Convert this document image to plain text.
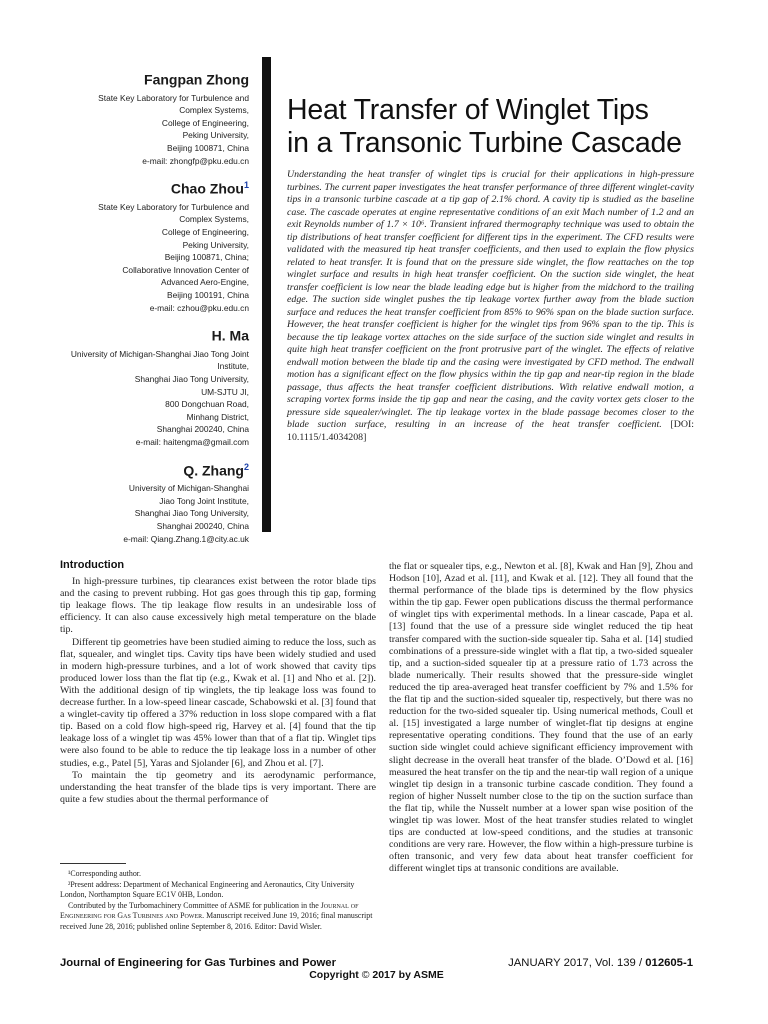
Fangpan Zhong
State Key Laboratory for Turbulence and
Complex Systems,
College of Engineering,
Peking University,
Beijing 100871, China
e-mail: zhongfp@pku.edu.cn
Chao Zhou$^1$
State Key Laboratory for Turbulence and
Complex Systems,
College of Engineering,
Peking University,
Beijing 100871, China;
Collaborative Innovation Center of
Advanced Aero-Engine,
Beijing 100191, China
e-mail: czhou@pku.edu.cn
H. Ma
University of Michigan-Shanghai Jiao Tong Joint
Institute,
Shanghai Jiao Tong University,
UM-SJTU JI,
800 Dongchuan Road,
Minhang District,
Shanghai 200240, China
e-mail: haitengma@gmail.com
Q. Zhang$^2$
University of Michigan-Shanghai
Jiao Tong Joint Institute,
Shanghai Jiao Tong University,
Shanghai 200240, China
e-mail: Qiang.Zhang.1@city.ac.uk
Heat Transfer of Winglet Tips
in a Transonic Turbine Cascade

Understanding the heat transfer of winglet tips is crucial for their applications in high-pressure turbines. The current paper investigates the heat transfer performance of three different winglet-cavity tips in a transonic turbine cascade at a tip gap of 2.1% chord. A cavity tip is studied as the baseline case. The cascade operates at engine representative conditions of an exit Mach number of 1.2 and an exit Reynolds number of 1.7 × 10⁶. Transient infrared thermography technique was used to obtain the tip distributions of heat transfer coefficient for different tips in the experiment. The CFD results were validated with the measured tip heat transfer coefficients, and then used to explain the flow physics related to heat transfer. It is found that on the pressure side winglet, the flow reattaches on the top winglet surface and results in high heat transfer coefficient. On the suction side winglet, the heat transfer coefficient is low near the blade leading edge but is higher from the midchord to the trailing edge. The suction side winglet pushes the tip leakage vortex further away from the blade suction surface and reduces the heat transfer coefficient from 85% to 96% span on the blade suction surface. However, the heat transfer coefficient is higher for the winglet tips from 96% span to the tip. This is because the tip leakage vortex attaches on the side surface of the suction side winglet and results in quite high heat transfer coefficient on the front protrusive part of the winglet. The effects of relative endwall motion between the blade tip and the casing were investigated by CFD method. The endwall motion has a significant effect on the flow physics within the tip gap and near-tip region in the blade passage, thus affects the heat transfer coefficient distributions. With relative endwall motion, a scraping vortex forms inside the tip gap and near the casing, and the cavity vortex gets closer to the pressure side squealer/winglet. The tip leakage vortex in the blade passage becomes closer to the blade suction surface, resulting in an increase of the heat transfer coefficient. [DOI: 10.1115/1.4034208]

Introduction

In high-pressure turbines, tip clearances exist between the rotor blade tips and the casing to prevent rubbing. Hot gas goes through this tip gap, forming tip leakage flows. The tip leakage flow results in an undesirable loss of efficiency. It can also cause excessively high metal temperature on the blade tip.

Different tip geometries have been studied aiming to reduce the loss, such as flat, squealer, and winglet tips. Cavity tips have been widely studied and used in modern high-pressure turbines, and a lot of work showed that cavity tips produced lower loss than the flat tip (e.g., Kwak et al. [1] and Nho et al. [2]). With the additional design of tip winglets, the tip leakage loss was found to decrease further. In a low-speed linear cascade, Schabowski et al. [3] found that a winglet-cavity tip offered a 37% reduction in loss slope compared with a flat tip. Based on a cold flow high-speed rig, Harvey et al. [4] found that the tip leakage loss of a winglet tip was 45% lower than that of a flat tip. Winglet tips were also found to be able to reduce the tip leakage loss in a number of other studies, e.g., Patel [5], Yaras and Sjolander [6], and Zhou et al. [7].

To maintain the tip geometry and its aerodynamic performance, understanding the heat transfer of the blade tips is very important. There are quite a few studies about the thermal performance of

the flat or squealer tips, e.g., Newton et al. [8], Kwak and Han [9], Zhou and Hodson [10], Azad et al. [11], and Kwak et al. [12]. They all found that the thermal performance of the blade tips is determined by the flow physics within the tip gap. Fewer open publications discuss the thermal performance of winglet tips with experimental methods. In a linear cascade, Papa et al. [13] found that the use of a pressure side winglet reduced the tip heat transfer compared with the suction-side squealer tip. Saha et al. [14] studied combinations of a pressure-side winglet with a flat tip, a two-sided squealer tip, and a suction-sided squealer tip at a pressure ratio of 1.73 across the blade numerically. Their results showed that the pressure-side winglet reduced the tip area-averaged heat transfer coefficient by 7% and 1.5% for the flat tip and the suction-sided squealer tip, respectively, but there was no reduction for the two-sided squealer tip. Using numerical methods, Coull et al. [15] investigated a large number of winglet-flat tip designs at engine representative operating conditions. They found that the use of an early suction side winglet could achieve significant efficiency improvement with slight decrease in the overall heat transfer of the blade. O’Dowd et al. [16] measured the heat transfer on the tip and the near-tip wall region of a unique winglet tip design in a transonic turbine cascade condition. They found a region of higher Nusselt number close to the tip on the suction surface than the flat tip, while the Nusselt number at a lower span wise position of the winglet tip was lower. Most of the heat transfer studies related to winglet tips are conducted at low-speed conditions, and the studies at transonic conditions are very rare. However, the flow within a high-pressure turbine is often transonic, and very few data about heat transfer coefficient for different winglet tips at transonic conditions are available.

¹Corresponding author.

²Present address: Department of Mechanical Engineering and Aeronautics, City University London, Northampton Square EC1V 0HB, London.

Contributed by the Turbomachinery Committee of ASME for publication in the Journal of Engineering for Gas Turbines and Power. Manuscript received June 19, 2016; final manuscript received June 28, 2016; published online September 8, 2016. Editor: David Wisler.

Journal of Engineering for Gas Turbines and Power	JANUARY 2017, Vol. 139 / 012605-1
Copyright © 2017 by ASME
